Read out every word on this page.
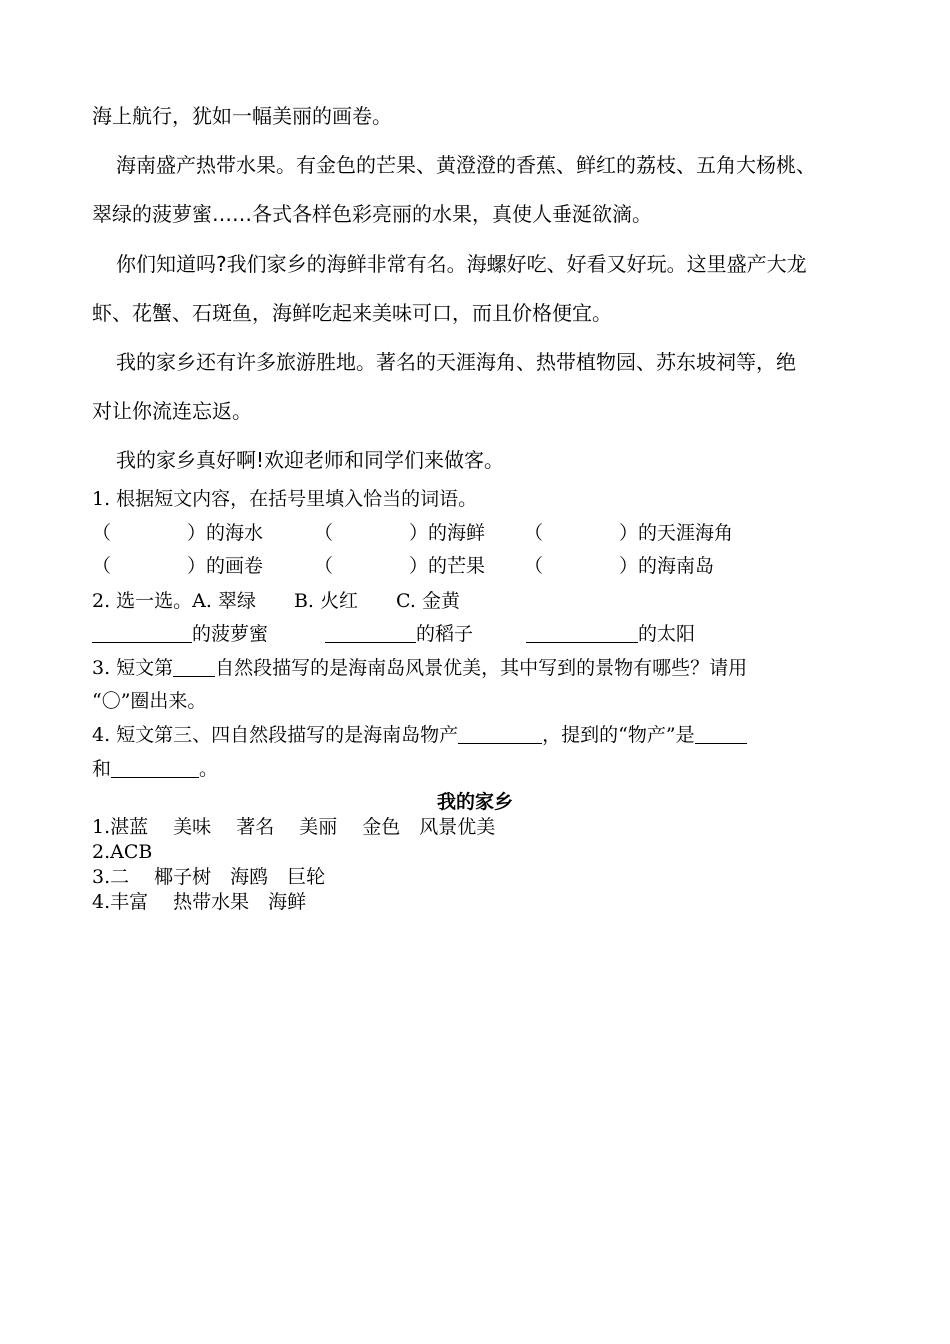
海上航行，犹如一幅美丽的画卷。
海南盛产热带水果。有金色的芒果、黄澄澄的香蕉、鲜红的荔枝、五角大杨桃、
翠绿的菠萝蜜……各式各样色彩亮丽的水果，真使人垂涎欲滴。
你们知道吗?我们家乡的海鲜非常有名。海螺好吃、好看又好玩。这里盛产大龙
虾、花蟹、石斑鱼，海鲜吃起来美味可口，而且价格便宜。
我的家乡还有许多旅游胜地。著名的天涯海角、热带植物园、苏东坡祠等，绝
对让你流连忘返。
我的家乡真好啊!欢迎老师和同学们来做客。
1. 根据短文内容，在括号里填入恰当的词语。
（　　　　）的海水	（　　　　）的海鲜 （　　　　）的天涯海角
（　　　　）的画卷	（　　　　）的芒果 （　　　　）的海南岛
2. 选一选。A. 翠绿　　B. 火红　　C. 金黄
的菠萝蜜	的稻子	的太阳
3. 短文第 自然段描写的是海南岛风景优美，其中写到的景物有哪些？请用
“〇”圈出来。
4. 短文第三、四自然段描写的是海南岛物产	，提到的“物产”是
和	。
我的家乡
1.湛蓝　 美味　 著名　 美丽　 金色　风景优美
2.ACB
3.二　 椰子树　海鸥　巨轮
4.丰富　 热带水果　海鲜
